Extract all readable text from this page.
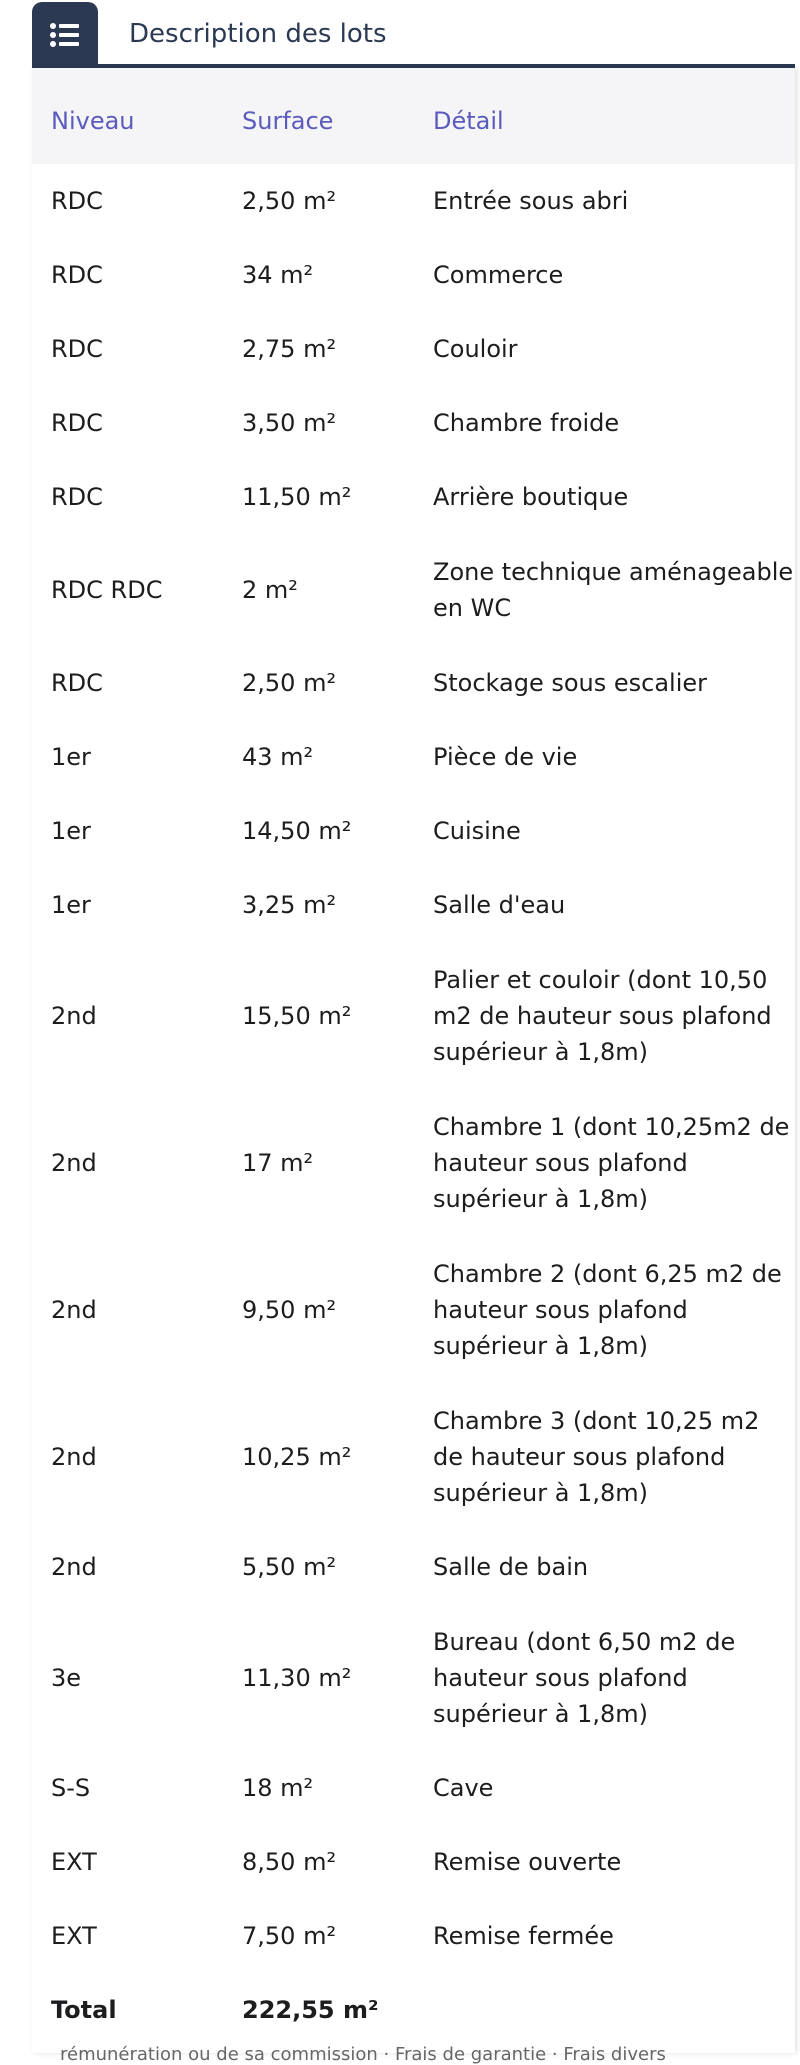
Description des lots
Niveau	Surface	Détail
RDC	2,50 m²	Entrée sous abri
RDC	34 m²	Commerce
RDC	2,75 m²	Couloir
RDC	3,50 m²	Chambre froide
RDC	11,50 m²	Arrière boutique
RDC RDC	2 m²	Zone technique aménageable en WC
RDC	2,50 m²	Stockage sous escalier
1er	43 m²	Pièce de vie
1er	14,50 m²	Cuisine
1er	3,25 m²	Salle d'eau
2nd	15,50 m²	Palier et couloir (dont 10,50 m2 de hauteur sous plafond supérieur à 1,8m)
2nd	17 m²	Chambre 1 (dont 10,25m2 de hauteur sous plafond supérieur à 1,8m)
2nd	9,50 m²	Chambre 2 (dont 6,25 m2 de hauteur sous plafond supérieur à 1,8m)
2nd	10,25 m²	Chambre 3 (dont 10,25 m2 de hauteur sous plafond supérieur à 1,8m)
2nd	5,50 m²	Salle de bain
3e	11,30 m²	Bureau (dont 6,50 m2 de hauteur sous plafond supérieur à 1,8m)
S-S	18 m²	Cave
EXT	8,50 m²	Remise ouverte
EXT	7,50 m²	Remise fermée
Total	222,55 m²	
rémunération ou de sa commission · Frais de garantie · Frais divers
